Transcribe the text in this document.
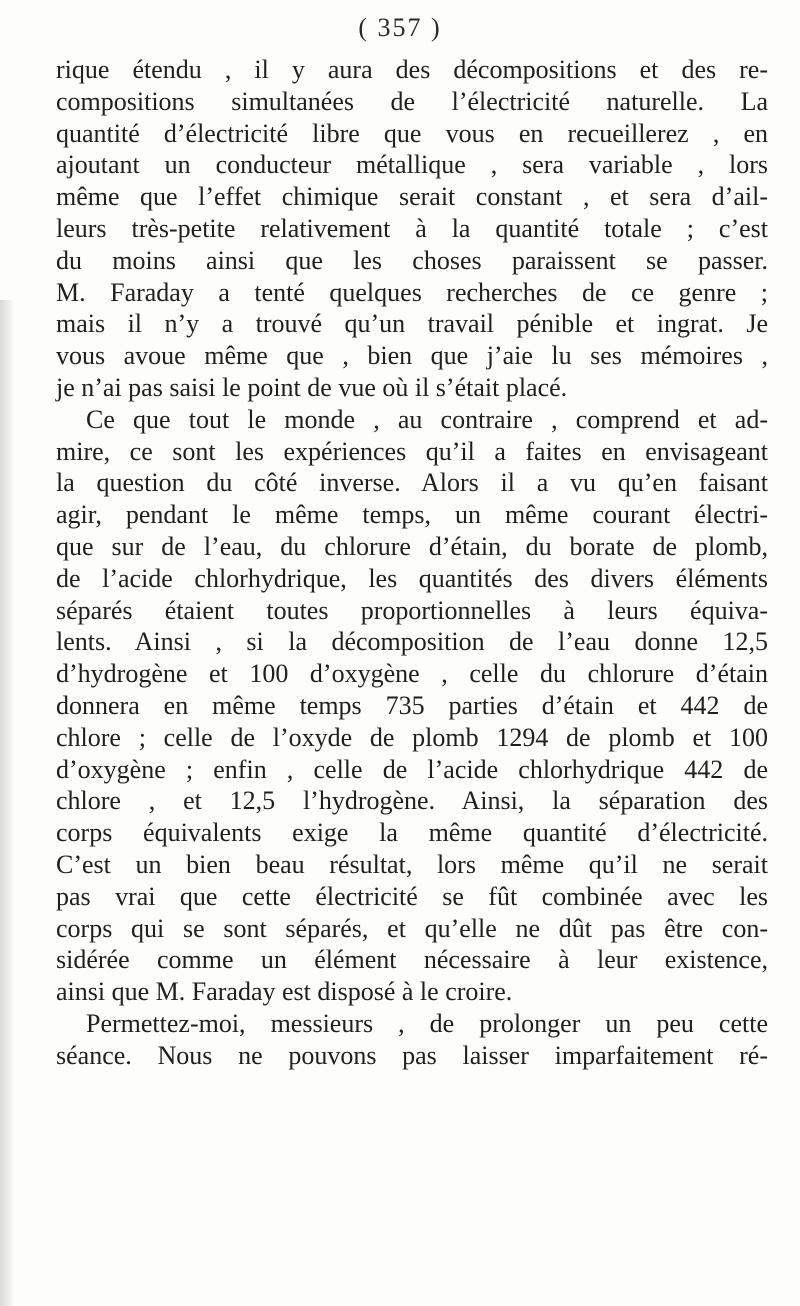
( 357 )
rique étendu , il y aura des décompositions et des re-
compositions simultanées de l’électricité naturelle. La
quantité d’électricité libre que vous en recueillerez , en
ajoutant un conducteur métallique , sera variable , lors
même que l’effet chimique serait constant , et sera d’ail-
leurs très-petite relativement à la quantité totale ; c’est
du moins ainsi que les choses paraissent se passer.
M. Faraday a tenté quelques recherches de ce genre ;
mais il n’y a trouvé qu’un travail pénible et ingrat. Je
vous avoue même que , bien que j’aie lu ses mémoires ,
je n’ai pas saisi le point de vue où il s’était placé.
Ce que tout le monde , au contraire , comprend et ad-
mire, ce sont les expériences qu’il a faites en envisageant
la question du côté inverse. Alors il a vu qu’en faisant
agir, pendant le même temps, un même courant électri-
que sur de l’eau, du chlorure d’étain, du borate de plomb,
de l’acide chlorhydrique, les quantités des divers éléments
séparés étaient toutes proportionnelles à leurs équiva-
lents. Ainsi , si la décomposition de l’eau donne 12,5
d’hydrogène et 100 d’oxygène , celle du chlorure d’étain
donnera en même temps 735 parties d’étain et 442 de
chlore ; celle de l’oxyde de plomb 1294 de plomb et 100
d’oxygène ; enfin , celle de l’acide chlorhydrique 442 de
chlore , et 12,5 l’hydrogène. Ainsi, la séparation des
corps équivalents exige la même quantité d’électricité.
C’est un bien beau résultat, lors même qu’il ne serait
pas vrai que cette électricité se fût combinée avec les
corps qui se sont séparés, et qu’elle ne dût pas être con-
sidérée comme un élément nécessaire à leur existence,
ainsi que M. Faraday est disposé à le croire.
Permettez-moi, messieurs , de prolonger un peu cette
séance. Nous ne pouvons pas laisser imparfaitement ré-
